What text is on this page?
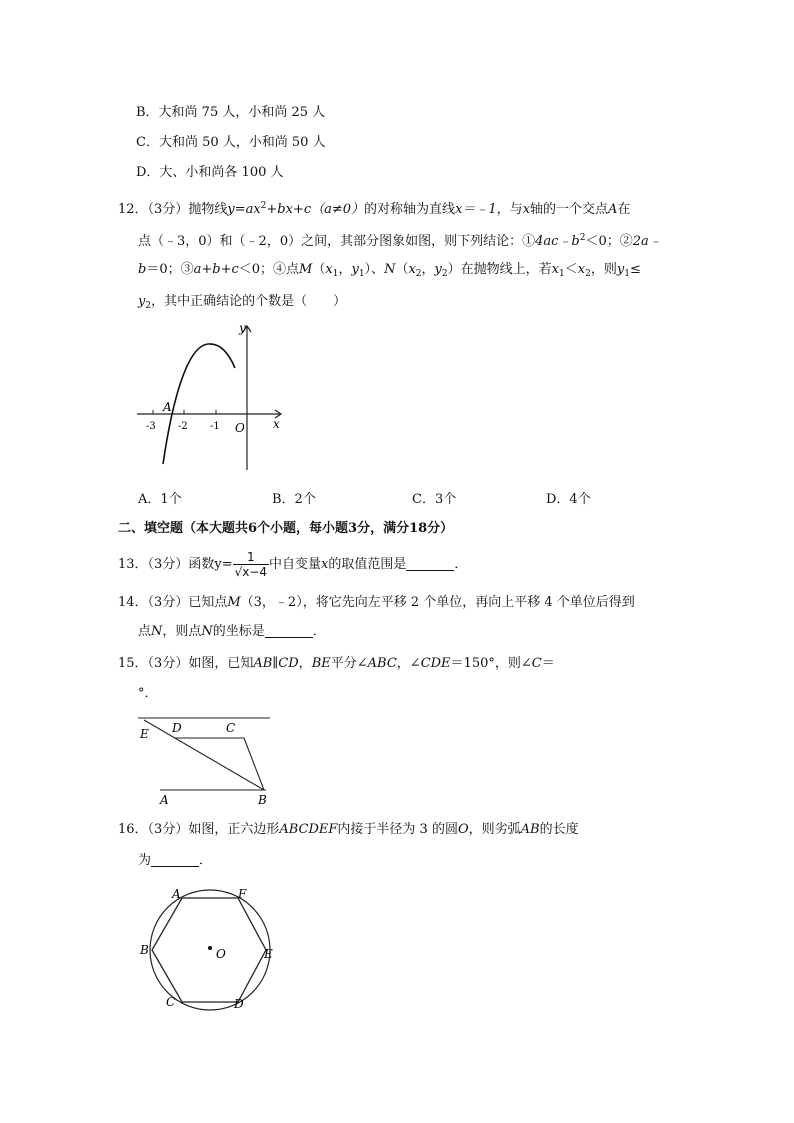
B．大和尚 75 人，小和尚 25 人
C．大和尚 50 人，小和尚 50 人
D．大、小和尚各 100 人
12．（3分）抛物线$y=ax^2+bx+c(a\ne 0)$的对称轴为直线x＝﹣1，与x轴的一个交点A在
点（﹣3，0）和（﹣2，0）之间，其部分图象如图，则下列结论：$①4ac﹣b^2<0$；②2a﹣
b＝0；③a+b+c＜0；④点$M(x_1$，$y_1$）、$N(x_2$，$y_2$）在抛物线上，若$x_1<x_2$，则$y_1\le$
$y_2$，其中正确结论的个数是（　　）
y
x
O
A
-3 -2 -1
A．1个	B．2个	C．3个	D．4个
二、填空题（本大题共6个小题，每小题3分，满分18分）
13．（3分）函数$y= \frac{1}{√x-4}$ 中自变量x的取值范围是	．
14．（3分）已知点M（3，﹣2），将它先向左平移 2 个单位，再向上平移 4 个单位后得到
点N，则点N的坐标是	．
15．（3分）如图，已知AB∥CD，BE平分∠ABC，∠CDE＝150°，则∠C＝
°．
E D	C
A	B
16．（3分）如图，正六边形ABCDEF内接于半径为 3 的圆O，则劣弧AB的长度
为	．
A	F
B	E
C	D
O
